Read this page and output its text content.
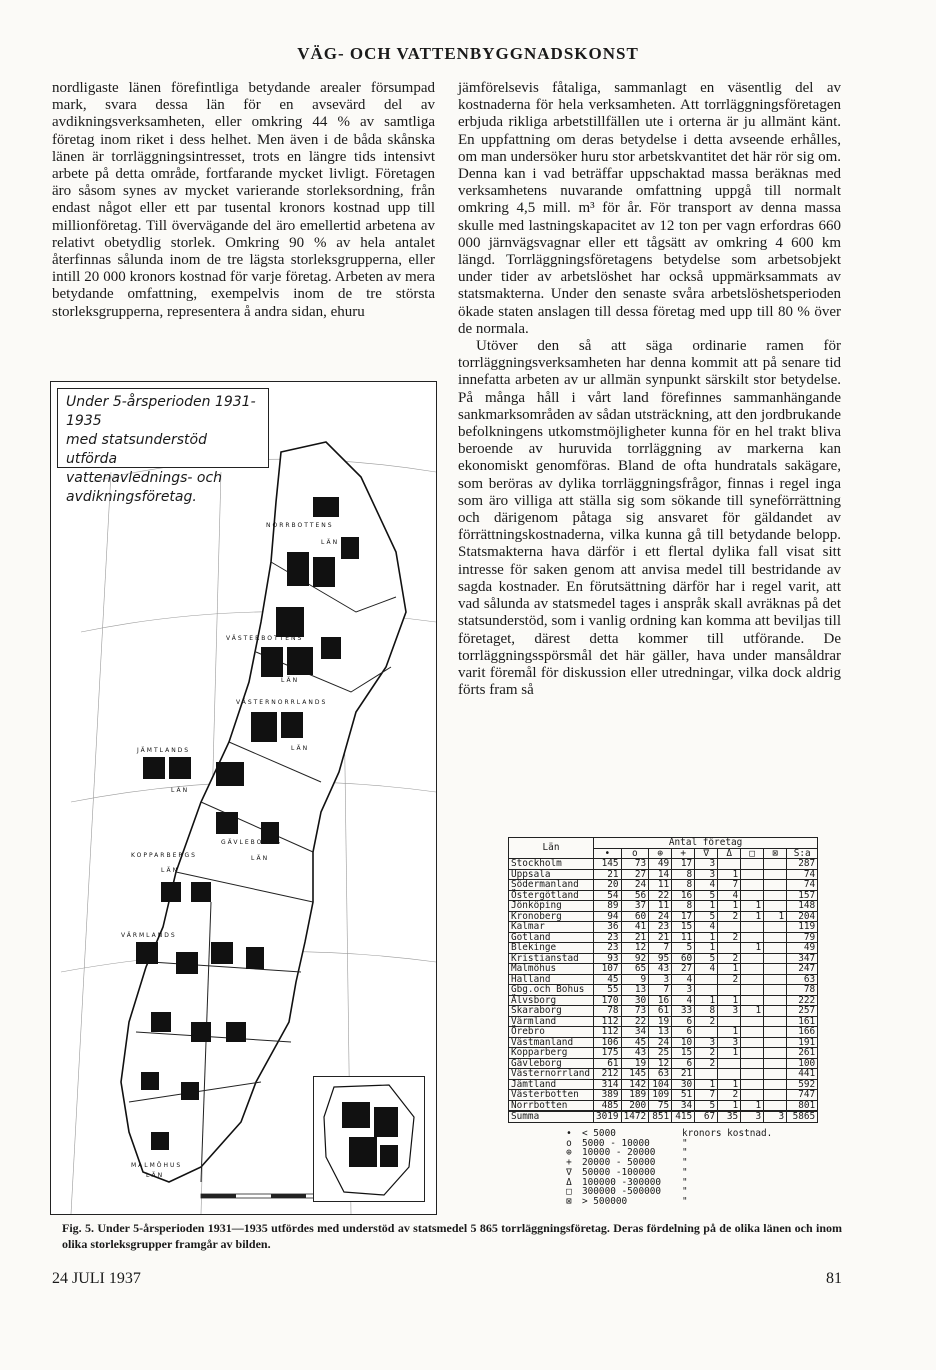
VÄG- OCH VATTENBYGGNADSKONST

nordligaste länen förefintliga betydande arealer försumpad mark, svara dessa län för en avsevärd del av avdikningsverksamheten, eller omkring 44 % av samtliga företag inom riket i dess helhet. Men även i de båda skånska länen är torrläggningsintresset, trots en längre tids intensivt arbete på detta område, fortfarande mycket livligt. Företagen äro såsom synes av mycket varierande storleksordning, från endast något eller ett par tusental kronors kostnad upp till millionföretag. Till övervägande del äro emellertid arbetena av relativt obetydlig storlek. Omkring 90 % av hela antalet återfinnas sålunda inom de tre lägsta storleksgrupperna, eller intill 20 000 kronors kostnad för varje företag. Arbeten av mera betydande omfattning, exempelvis inom de tre största storleksgrupperna, representera å andra sidan, ehuru

jämförelsevis fåtaliga, sammanlagt en väsentlig del av kostnaderna för hela verksamheten. Att torrläggningsföretagen erbjuda rikliga arbetstillfällen ute i orterna är ju allmänt känt. En uppfattning om deras betydelse i detta avseende erhålles, om man undersöker huru stor arbetskvantitet det här rör sig om. Denna kan i vad beträffar uppschaktad massa beräknas med verksamhetens nuvarande omfattning uppgå till normalt omkring 4,5 mill. m³ för år. För transport av denna massa skulle med lastningskapacitet av 12 ton per vagn erfordras 660 000 järnvägsvagnar eller ett tågsätt av omkring 4 600 km längd. Torrläggningsföretagens betydelse som arbetsobjekt under tider av arbetslöshet har också uppmärksammats av statsmakterna. Under den senaste svåra arbetslöshetsperioden ökade staten anslagen till dessa företag med upp till 80 % över de normala.

Utöver den så att säga ordinarie ramen för torrläggningsverksamheten har denna kommit att på senare tid innefatta arbeten av ur allmän synpunkt särskilt stor betydelse. På många håll i vårt land förefinnes sammanhängande sankmarksområden av sådan utsträckning, att den jordbrukande befolkningens utkomstmöjligheter kunna för en hel trakt bliva beroende av huruvida torrläggning av markerna kan ekonomiskt genomföras. Bland de ofta hundratals sakägare, som beröras av dylika torrläggningsfrågor, finnas i regel inga som äro villiga att ställa sig som sökande till syneförrättning och därigenom påtaga sig ansvaret för gäldandet av förrättningskostnaderna, vilka kunna gå till betydande belopp. Statsmakterna hava därför i ett flertal dylika fall visat sitt intresse för saken genom att anvisa medel till bestridande av sagda kostnader. En förutsättning därför har i regel varit, att vad sålunda av statsmedel tages i anspråk skall avräknas på det statsunderstöd, som i vanlig ordning kan komma att beviljas till företaget, därest detta kommer till utförande. De torrläggningsspörsmål det här gäller, hava under mansåldrar varit föremål för diskussion eller utredningar, vilka dock aldrig förts fram så

NORRBOTTENS
LÄN
VÄSTERBOTTENS
LÄN
JÄMTLANDS
LÄN
VÄSTERNORRLANDS
LÄN
KOPPARBERGS
LÄN
GÄVLEBORGS
LÄN
VÄRMLANDS
LÄN
MALMÖHUS
LÄN
Under 5-årsperioden 1931-1935
med statsunderstöd utförda
vattenavlednings- och
avdikningsföretag.
Län	Antal företag								
	•	o	⊕	+	∇	Δ	□	⊠	S:a
Stockholm	145	73	49	17	3				287
Uppsala	21	27	14	8	3	1			74
Södermanland	20	24	11	8	4	7			74
Östergötland	54	56	22	16	5	4			157
Jönköping	89	37	11	8	1	1	1		148
Kronoberg	94	60	24	17	5	2	1	1	204
Kalmar	36	41	23	15	4				119
Gotland	23	21	21	11	1	2			79
Blekinge	23	12	7	5	1		1		49
Kristianstad	93	92	95	60	5	2			347
Malmöhus	107	65	43	27	4	1			247
Halland	45	9	3	4		2			63
Gbg.och Bohus	55	13	7	3					78
Älvsborg	170	30	16	4	1	1			222
Skaraborg	78	73	61	33	8	3	1		257
Värmland	112	22	19	6	2				161
Örebro	112	34	13	6		1			166
Västmanland	106	45	24	10	3	3			191
Kopparberg	175	43	25	15	2	1			261
Gävleborg	61	19	12	6	2				100
Västernorrland	212	145	63	21					441
Jämtland	314	142	104	30	1	1			592
Västerbotten	389	189	109	51	7	2			747
Norrbotten	485	200	75	34	5	1	1		801
Summa	3019	1472	851	415	67	35	3	3	5865
•	< 5000	kronors kostnad.
o	5000 - 10000	"
⊕	10000 - 20000	"
+	20000 - 50000	"
∇	50000 -100000	"
Δ	100000 -300000	"
□	300000 -500000	"
⊠	> 500000	"
Fig. 5. Under 5-årsperioden 1931—1935 utfördes med understöd av statsmedel 5 865 torrläggningsföretag. Deras fördelning på de olika länen och inom olika storleksgrupper framgår av bilden.
24 JULI 1937	81
